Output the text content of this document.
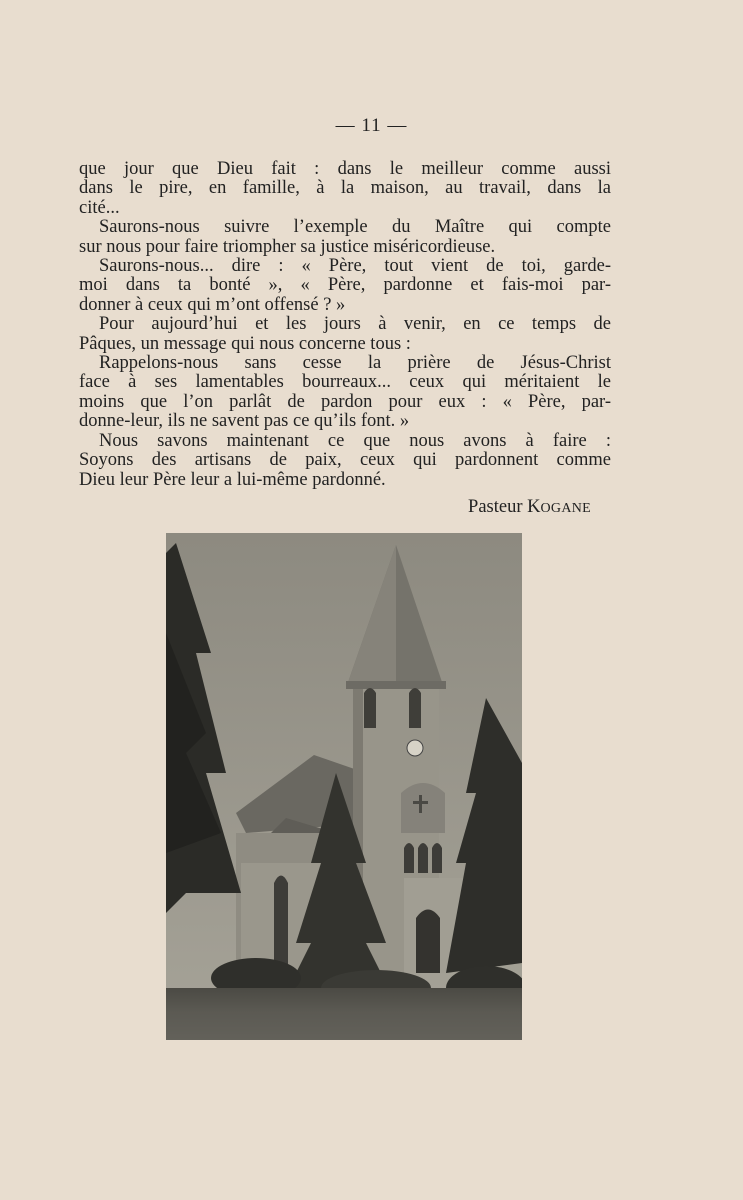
— 11 —
que jour que Dieu fait : dans le meilleur comme aussi
dans le pire, en famille, à la maison, au travail, dans la
cité...
Saurons-nous suivre l’exemple du Maître qui compte
sur nous pour faire triompher sa justice miséricordieuse.
Saurons-nous... dire : « Père, tout vient de toi, garde-
moi dans ta bonté », « Père, pardonne et fais-moi par-
donner à ceux qui m’ont offensé ? »
Pour aujourd’hui et les jours à venir, en ce temps de
Pâques, un message qui nous concerne tous :
Rappelons-nous sans cesse la prière de Jésus-Christ
face à ses lamentables bourreaux... ceux qui méritaient le
moins que l’on parlât de pardon pour eux : « Père, par-
donne-leur, ils ne savent pas ce qu’ils font. »
Nous savons maintenant ce que nous avons à faire :
Soyons des artisans de paix, ceux qui pardonnent comme
Dieu leur Père leur a lui-même pardonné.
Pasteur KOGANE
